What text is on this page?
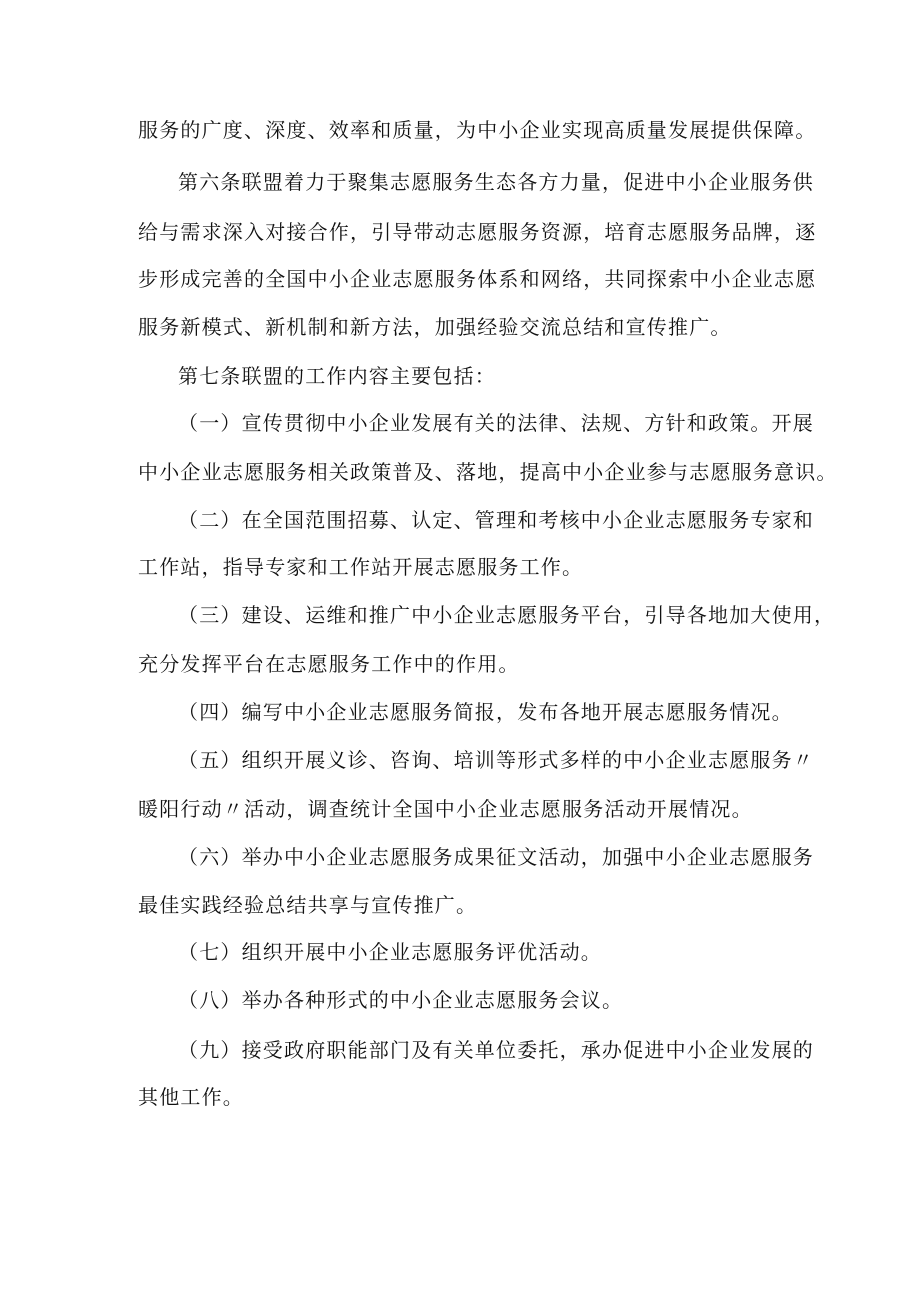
服务的广度、深度、效率和质量，为中小企业实现高质量发展提供保障。
第六条联盟着力于聚集志愿服务生态各方力量，促进中小企业服务供
给与需求深入对接合作，引导带动志愿服务资源，培育志愿服务品牌，逐
步形成完善的全国中小企业志愿服务体系和网络，共同探索中小企业志愿
服务新模式、新机制和新方法，加强经验交流总结和宣传推广。
第七条联盟的工作内容主要包括：
（一）宣传贯彻中小企业发展有关的法律、法规、方针和政策。开展
中小企业志愿服务相关政策普及、落地，提高中小企业参与志愿服务意识。
（二）在全国范围招募、认定、管理和考核中小企业志愿服务专家和
工作站，指导专家和工作站开展志愿服务工作。
（三）建设、运维和推广中小企业志愿服务平台，引导各地加大使用，
充分发挥平台在志愿服务工作中的作用。
（四）编写中小企业志愿服务简报，发布各地开展志愿服务情况。
（五）组织开展义诊、咨询、培训等形式多样的中小企业志愿服务〃
暖阳行动〃活动，调查统计全国中小企业志愿服务活动开展情况。
（六）举办中小企业志愿服务成果征文活动，加强中小企业志愿服务
最佳实践经验总结共享与宣传推广。
（七）组织开展中小企业志愿服务评优活动。
（八）举办各种形式的中小企业志愿服务会议。
（九）接受政府职能部门及有关单位委托，承办促进中小企业发展的
其他工作。
